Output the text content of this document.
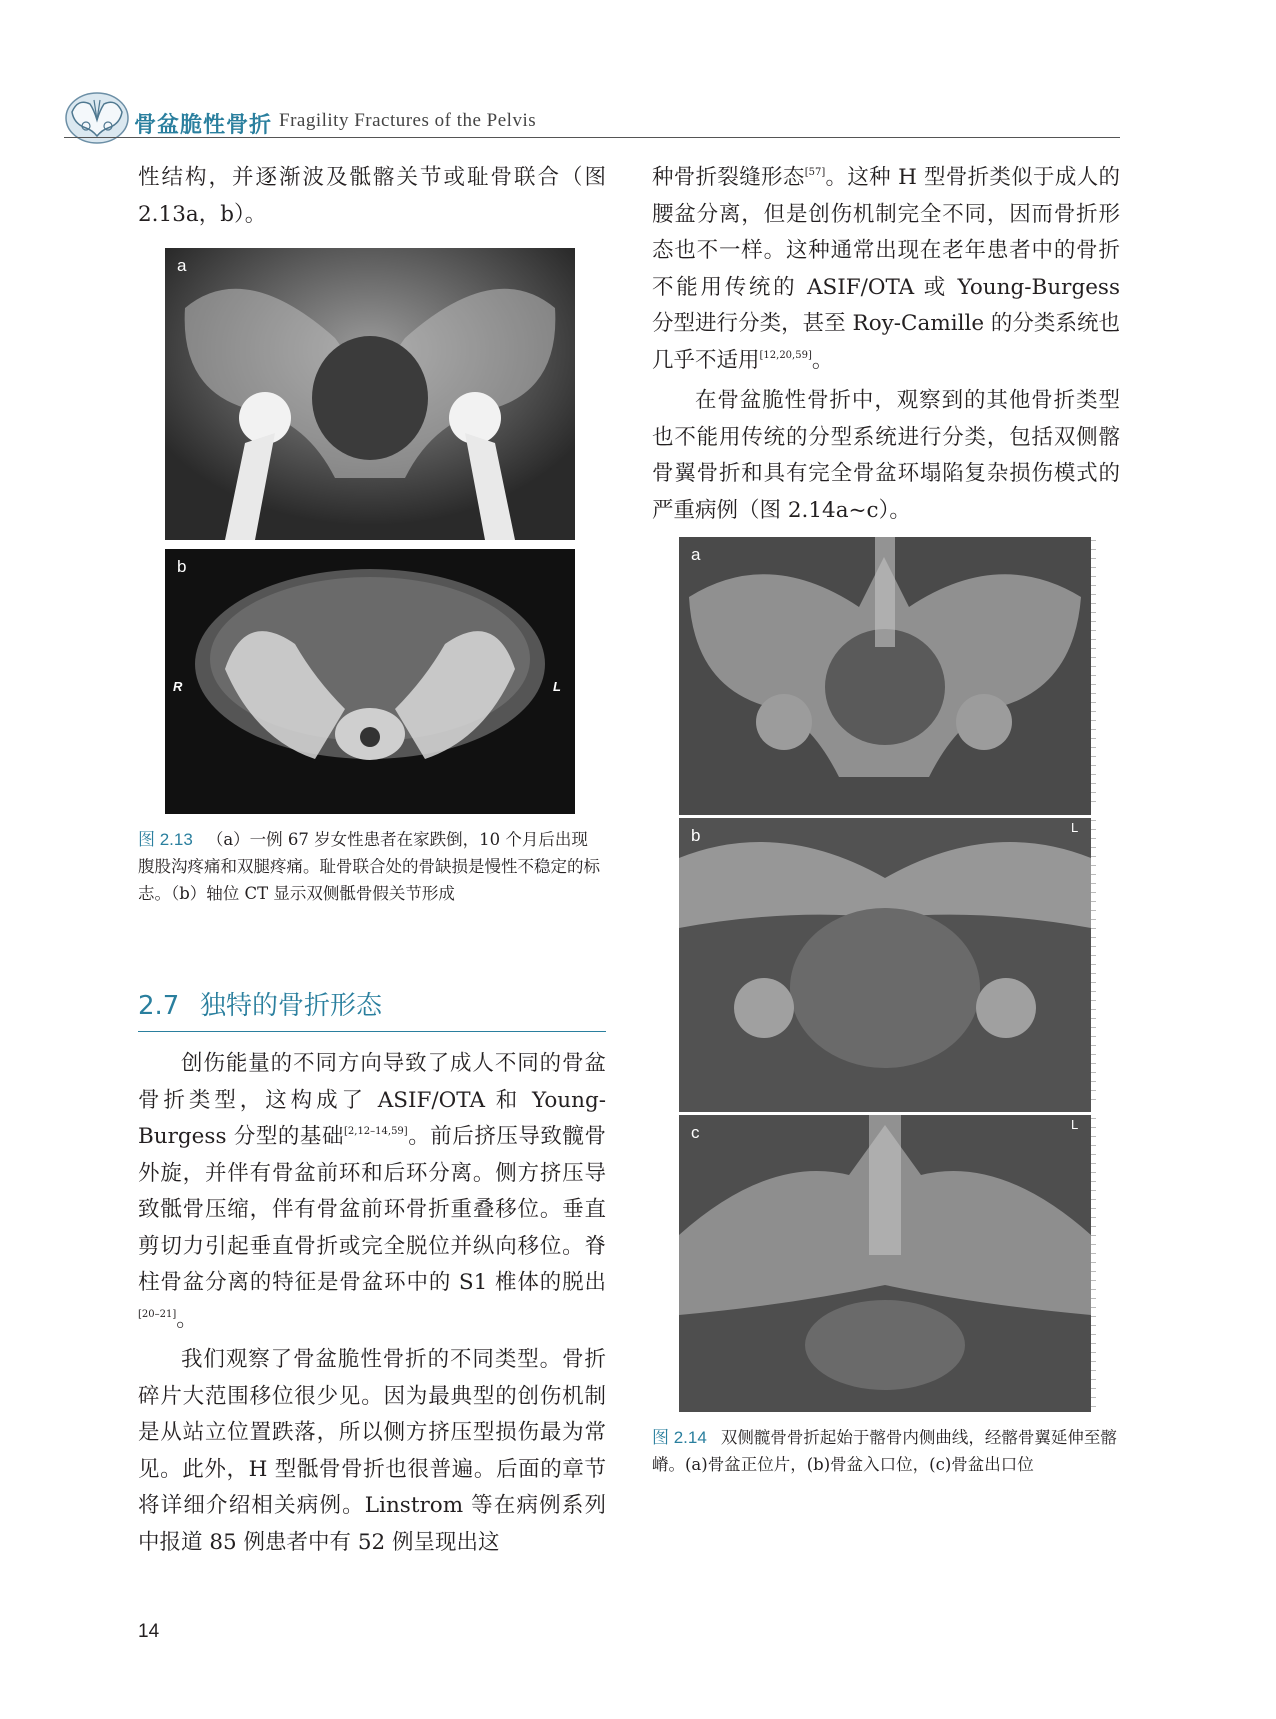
骨盆脆性骨折 Fragility Fractures of the Pelvis

性结构，并逐渐波及骶髂关节或耻骨联合（图 2.13a，b）。

a
b
R	L
图 2.13 （a）一例 67 岁女性患者在家跌倒，10 个月后出现腹股沟疼痛和双腿疼痛。耻骨联合处的骨缺损是慢性不稳定的标志。（b）轴位 CT 显示双侧骶骨假关节形成
2.7 独特的骨折形态

创伤能量的不同方向导致了成人不同的骨盆骨折类型，这构成了 ASIF/OTA 和 Young-Burgess 分型的基础[2,12–14,59]。前后挤压导致髋骨外旋，并伴有骨盆前环和后环分离。侧方挤压导致骶骨压缩，伴有骨盆前环骨折重叠移位。垂直剪切力引起垂直骨折或完全脱位并纵向移位。脊柱骨盆分离的特征是骨盆环中的 S1 椎体的脱出[20–21]。

我们观察了骨盆脆性骨折的不同类型。骨折碎片大范围移位很少见。因为最典型的创伤机制是从站立位置跌落，所以侧方挤压型损伤最为常见。此外，H 型骶骨骨折也很普遍。后面的章节将详细介绍相关病例。Linstrom 等在病例系列中报道 85 例患者中有 52 例呈现出这

种骨折裂缝形态[57]。这种 H 型骨折类似于成人的腰盆分离，但是创伤机制完全不同，因而骨折形态也不一样。这种通常出现在老年患者中的骨折不能用传统的 ASIF/OTA 或 Young-Burgess 分型进行分类，甚至 Roy-Camille 的分类系统也几乎不适用[12,20,59]。

在骨盆脆性骨折中，观察到的其他骨折类型也不能用传统的分型系统进行分类，包括双侧髂骨翼骨折和具有完全骨盆环塌陷复杂损伤模式的严重病例（图 2.14a~c）。

a
b	L
c	L
图 2.14 双侧髋骨骨折起始于髂骨内侧曲线，经髂骨翼延伸至髂嵴。(a)骨盆正位片，(b)骨盆入口位，(c)骨盆出口位
14
